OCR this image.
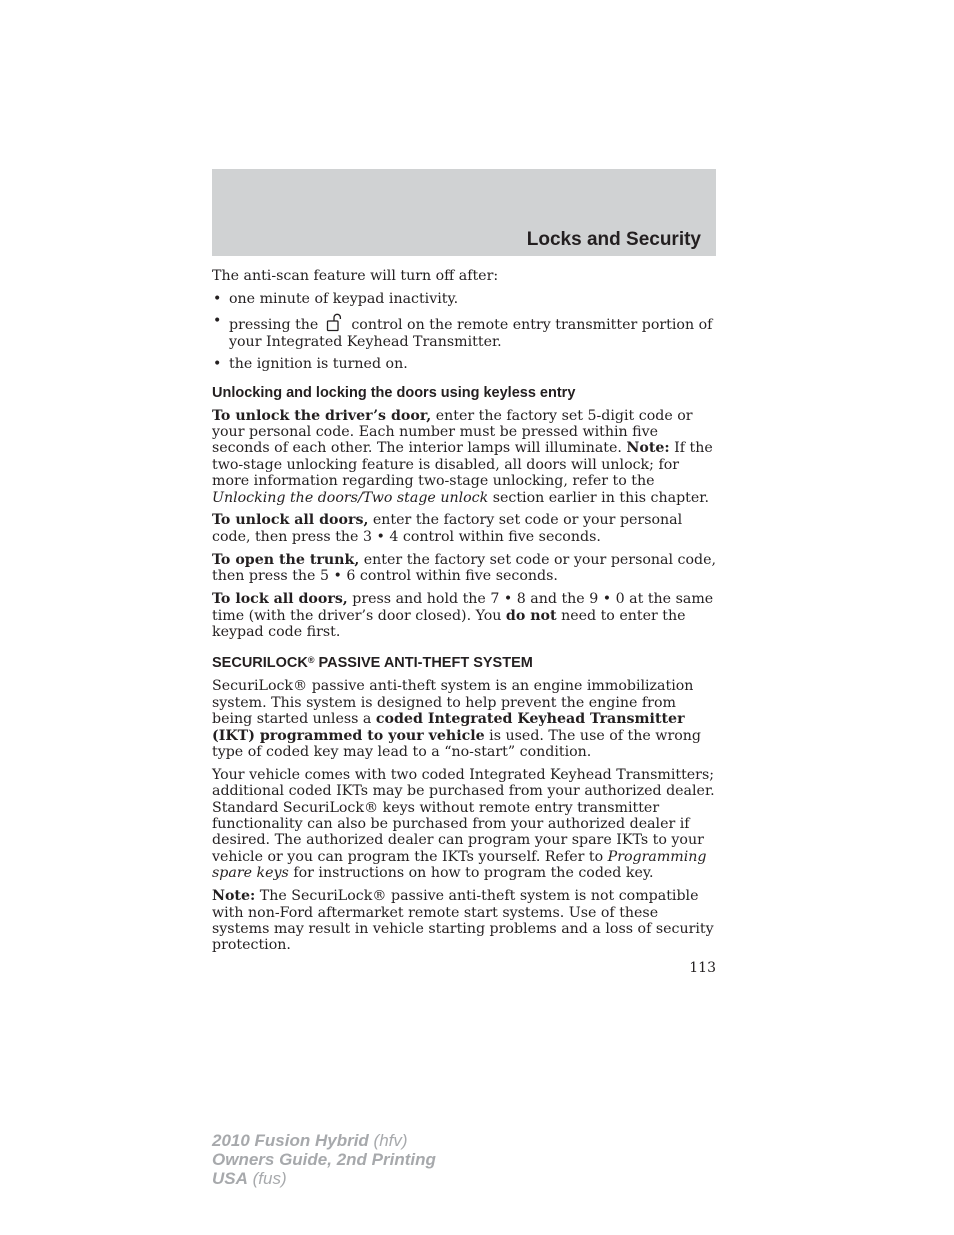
Locks and Security

The anti-scan feature will turn off after:

• one minute of keypad inactivity.
• pressing the control on the remote entry transmitter portion of your Integrated Keyhead Transmitter.
• the ignition is turned on.
Unlocking and locking the doors using keyless entry

To unlock the driver’s door, enter the factory set 5-digit code or your personal code. Each number must be pressed within five seconds of each other. The interior lamps will illuminate. Note: If the two-stage unlocking feature is disabled, all doors will unlock; for more information regarding two-stage unlocking, refer to the Unlocking the doors/Two stage unlock section earlier in this chapter.

To unlock all doors, enter the factory set code or your personal code, then press the 3 • 4 control within five seconds.

To open the trunk, enter the factory set code or your personal code, then press the 5 • 6 control within five seconds.

To lock all doors, press and hold the 7 • 8 and the 9 • 0 at the same time (with the driver’s door closed). You do not need to enter the keypad code first.

SECURILOCK® PASSIVE ANTI-THEFT SYSTEM

SecuriLock® passive anti-theft system is an engine immobilization system. This system is designed to help prevent the engine from being started unless a coded Integrated Keyhead Transmitter (IKT) programmed to your vehicle is used. The use of the wrong type of coded key may lead to a “no-start” condition.

Your vehicle comes with two coded Integrated Keyhead Transmitters; additional coded IKTs may be purchased from your authorized dealer. Standard SecuriLock® keys without remote entry transmitter functionality can also be purchased from your authorized dealer if desired. The authorized dealer can program your spare IKTs to your vehicle or you can program the IKTs yourself. Refer to Programming spare keys for instructions on how to program the coded key.

Note: The SecuriLock® passive anti-theft system is not compatible with non-Ford aftermarket remote start systems. Use of these systems may result in vehicle starting problems and a loss of security protection.

113
2010 Fusion Hybrid (hfv)
Owners Guide, 2nd Printing
USA (fus)
